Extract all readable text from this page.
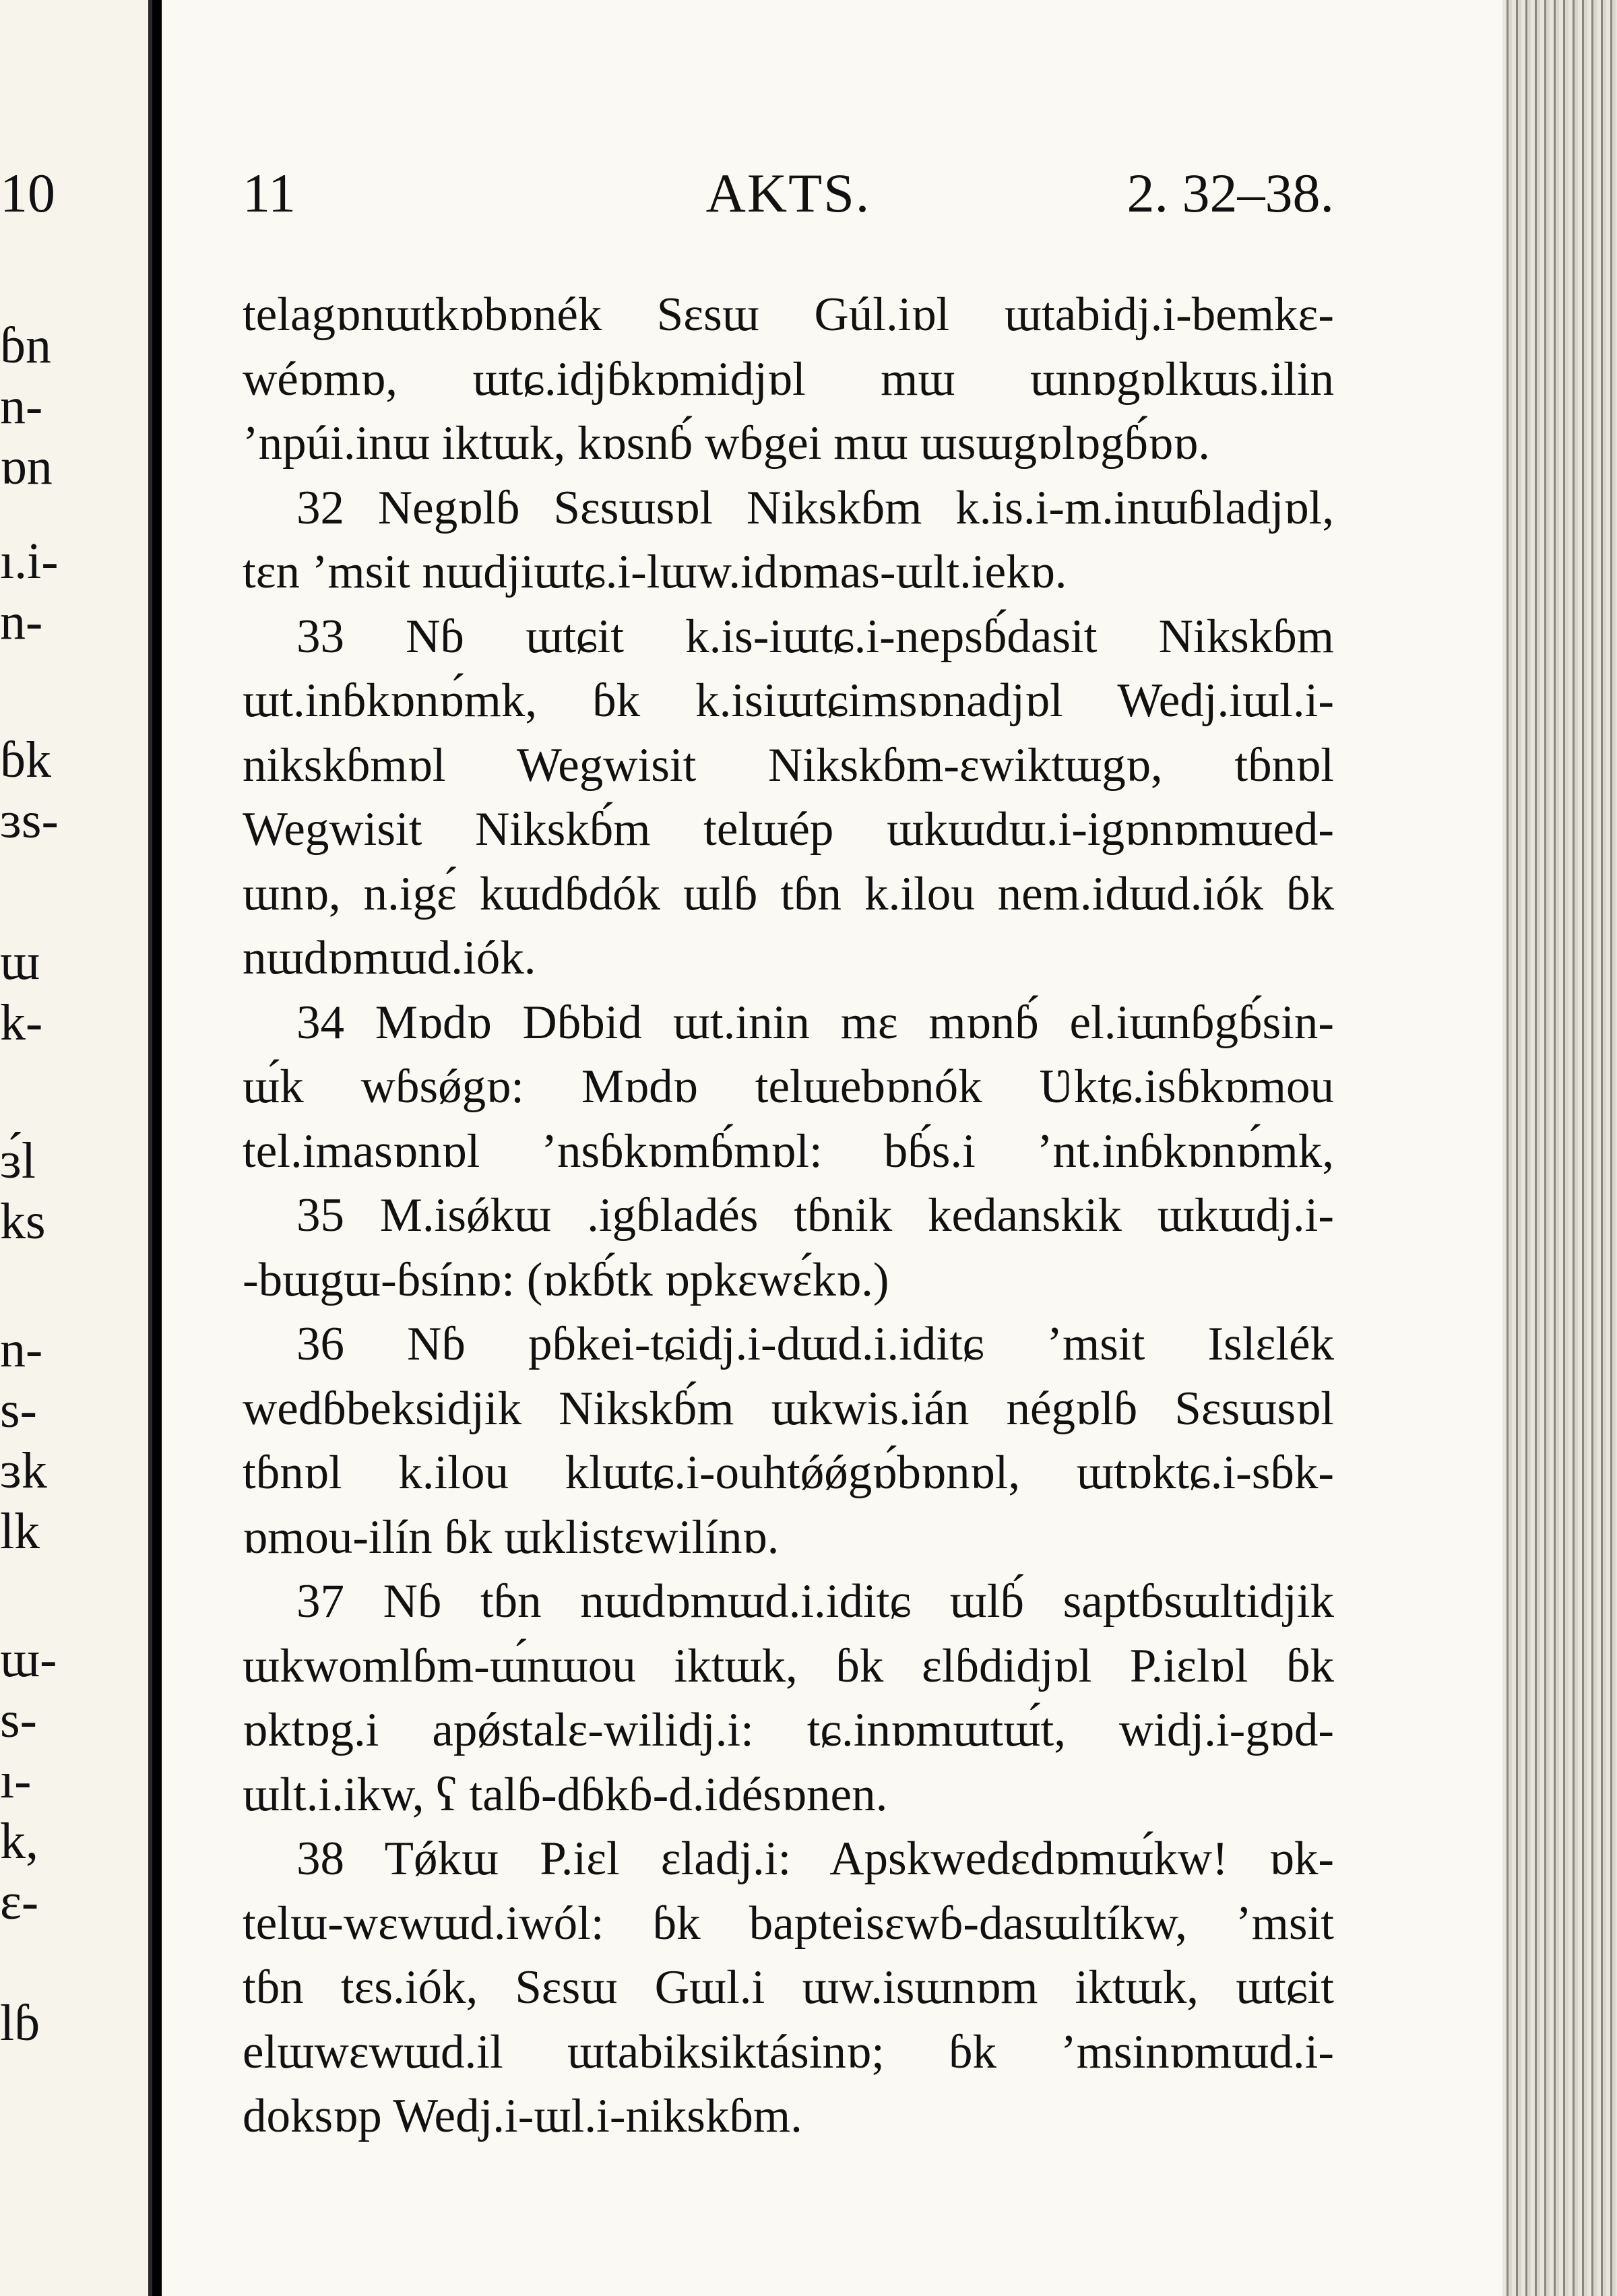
10
ɓn
n-
ɒn
ı.i-
n-
ɓk
ɜs-
ɯ
k-
ɜ́l
ks
n-
s-
ɜk
lk
ɯ-
s-
ı-
k,
ɛ-
lɓ
11	AKTS.	2. 32–38.
telagɒnɯtkɒbɒnék Sɛsɯ Gúl.iɒl ɯtabidj.i-bemkɛ-
wéɒmɒ, ɯtɕ.idjɓkɒmidjɒl mɯ ɯnɒgɒlkɯs.ilin
’npúi.inɯ iktɯk, kɒsnɓ́ wɓgei mɯ ɯsɯgɒlɒgɓ́ɒɒ.
32 Negɒlɓ Sɛsɯsɒl Nikskɓm k.is.i-m.inɯɓladjɒl,
tɛn ’msit nɯdjiɯtɕ.i-lɯw.idɒmas-ɯlt.iekɒ.
33 Nɓ ɯtɕit k.is-iɯtɕ.i-nepsɓ́dasit Nikskɓm
ɯt.inɓkɒnɒ́mk, ɓk k.isiɯtɕimsɒnadjɒl Wedj.iɯl.i-
nikskɓmɒl Wegwisit Nikskɓm-ɛwiktɯgɒ, tɓnɒl
Wegwisit Nikskɓ́m telɯép ɯkɯdɯ.i-igɒnɒmɯed-
ɯnɒ, n.igɛ́ kɯdɓdók ɯlɓ tɓn k.ilou nem.idɯd.iók ɓk
nɯdɒmɯd.iók.
34 Mɒdɒ Dɓbid ɯt.inin mɛ mɒnɓ́ el.iɯnɓgɓ́sin-
ɯ́k wɓsǿgɒ: Mɒdɒ telɯebɒnók Ʋktɕ.isɓkɒmou
tel.imasɒnɒl ’nsɓkɒmɓ́mɒl: bɓ́s.i ’nt.inɓkɒnɒ́mk,
35 M.isǿkɯ .igɓladés tɓnik kedanskik ɯkɯdj.i-
-bɯgɯ-ɓsínɒ: (ɒkɓ́tk ɒpkɛwɛ́kɒ.)
36 Nɓ pɓkei-tɕidj.i-dɯd.i.iditɕ ’msit Islɛlék
wedɓbeksidjik Nikskɓ́m ɯkwis.ián négɒlɓ Sɛsɯsɒl
tɓnɒl k.ilou klɯtɕ.i-ouhtǿǿgɒ́bɒnɒl, ɯtɒktɕ.i-sɓk-
ɒmou-ilín ɓk ɯklistɛwilínɒ.
37 Nɓ tɓn nɯdɒmɯd.i.iditɕ ɯlɓ́ saptɓsɯltidjik
ɯkwomlɓm-ɯ́nɯou iktɯk, ɓk ɛlɓdidjɒl P.iɛlɒl ɓk
ɒktɒg.i apǿstalɛ-wilidj.i: tɕ.inɒmɯtɯ́t, widj.i-gɒd-
ɯlt.i.ikw, ʕ talɓ-dɓkɓ-d.idésɒnen.
38 Tǿkɯ P.iɛl ɛladj.i: Apskwedɛdɒmɯ́kw! ɒk-
telɯ-wɛwɯd.iwól: ɓk bapteisɛwɓ-dasɯltíkw, ’msit
tɓn tɛs.iók, Sɛsɯ Gɯl.i ɯw.isɯnɒm iktɯk, ɯtɕit
elɯwɛwɯd.il ɯtabiksiktásinɒ; ɓk ’msinɒmɯd.i-
doksɒp Wedj.i-ɯl.i-nikskɓm.
